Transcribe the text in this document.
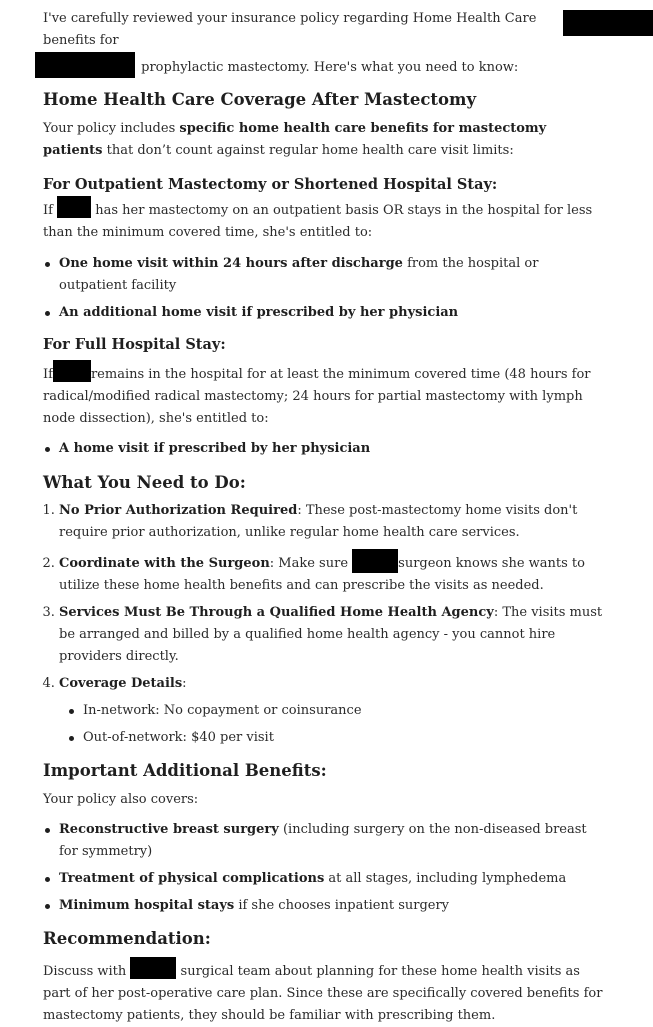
I've carefully reviewed your insurance policy regarding Home Health Care benefits for

prophylactic mastectomy. Here's what you need to know:

Home Health Care Coverage After Mastectomy

Your policy includes specific home health care benefits for mastectomy patients that don’t count against regular home health care visit limits:

For Outpatient Mastectomy or Shortened Hospital Stay:

If	has her mastectomy on an outpatient basis OR stays in the hospital for less than the minimum covered time, she's entitled to:

One home visit within 24 hours after discharge from the hospital or outpatient facility
An additional home visit if prescribed by her physician
For Full Hospital Stay:

If	remains in the hospital for at least the minimum covered time (48 hours for radical/modified radical mastectomy; 24 hours for partial mastectomy with lymph node dissection), she's entitled to:

A home visit if prescribed by her physician
What You Need to Do:
1. No Prior Authorization Required: These post-mastectomy home visits don't require prior authorization, unlike regular home health care services.
2. Coordinate with the Surgeon: Make sure	surgeon knows she wants to utilize these home health benefits and can prescribe the visits as needed.
3. Services Must Be Through a Qualified Home Health Agency: The visits must be arranged and billed by a qualified home health agency - you cannot hire providers directly.
4. Coverage Details:
In-network: No copayment or coinsurance
Out-of-network: $40 per visit
Important Additional Benefits:

Your policy also covers:

Reconstructive breast surgery (including surgery on the non-diseased breast for symmetry)
Treatment of physical complications at all stages, including lymphedema
Minimum hospital stays if she chooses inpatient surgery
Recommendation:

Discuss with	surgical team about planning for these home health visits as part of her post-operative care plan. Since these are specifically covered benefits for mastectomy patients, they should be familiar with prescribing them.
